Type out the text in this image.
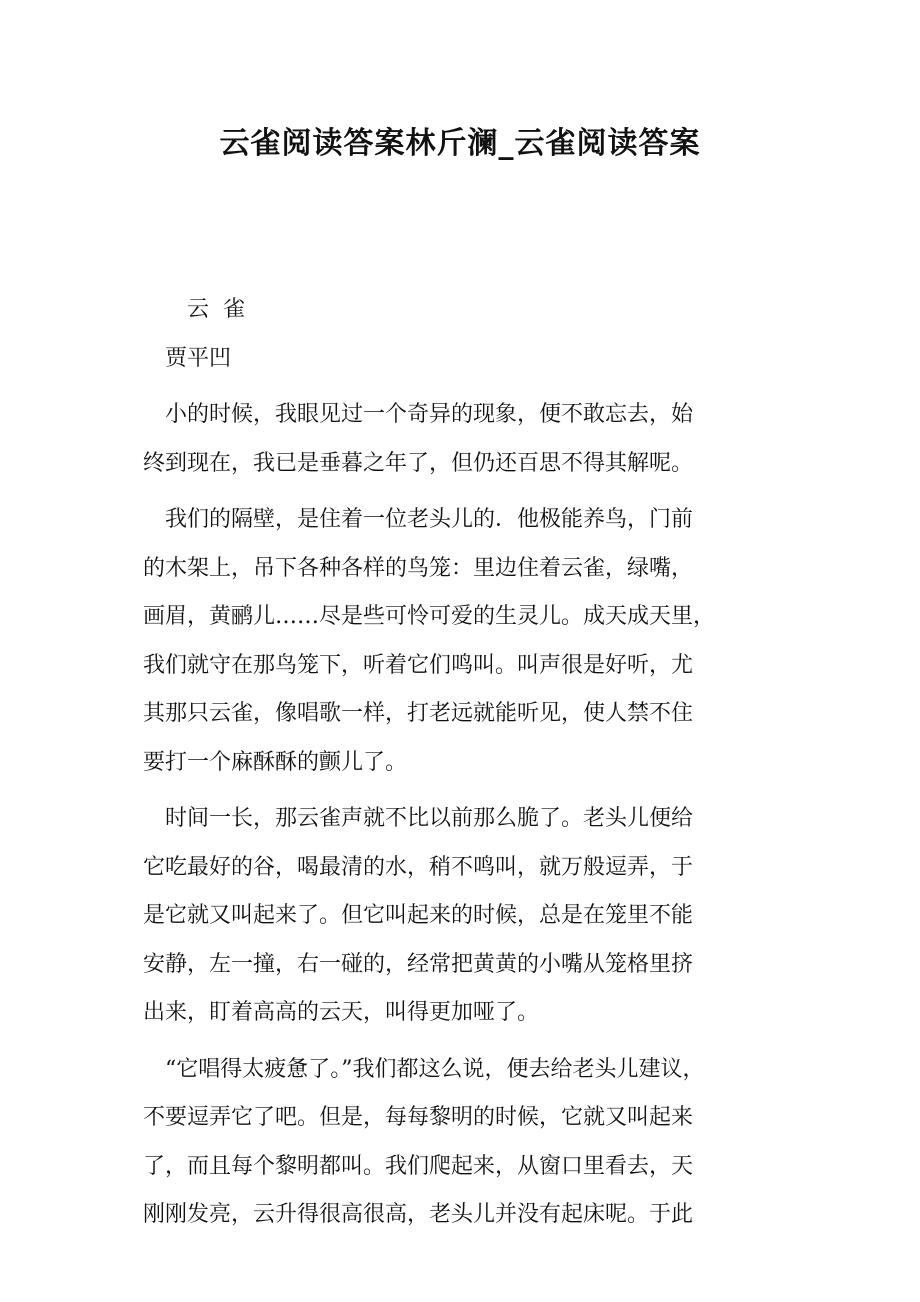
云雀阅读答案林斤澜_云雀阅读答案
云  雀
贾平凹
小的时候，我眼见过一个奇异的现象，便不敢忘去，始
终到现在，我已是垂暮之年了，但仍还百思不得其解呢。
我们的隔壁，是住着一位老头儿的．他极能养鸟，门前
的木架上，吊下各种各样的鸟笼：里边住着云雀，绿嘴，
画眉，黄鹂儿……尽是些可怜可爱的生灵儿。成天成天里，
我们就守在那鸟笼下，听着它们鸣叫。叫声很是好听，尤
其那只云雀，像唱歌一样，打老远就能听见，使人禁不住
要打一个麻酥酥的颤儿了。
时间一长，那云雀声就不比以前那么脆了。老头儿便给
它吃最好的谷，喝最清的水，稍不鸣叫，就万般逗弄，于
是它就又叫起来了。但它叫起来的时候，总是在笼里不能
安静，左一撞，右一碰的，经常把黄黄的小嘴从笼格里挤
出来，盯着高高的云天，叫得更加哑了。
“它唱得太疲惫了。”我们都这么说，便去给老头儿建议，
不要逗弄它了吧。但是，每每黎明的时候，它就又叫起来
了，而且每个黎明都叫。我们爬起来，从窗口里看去，天
刚刚发亮，云升得很高很高，老头儿并没有起床呢。于此
